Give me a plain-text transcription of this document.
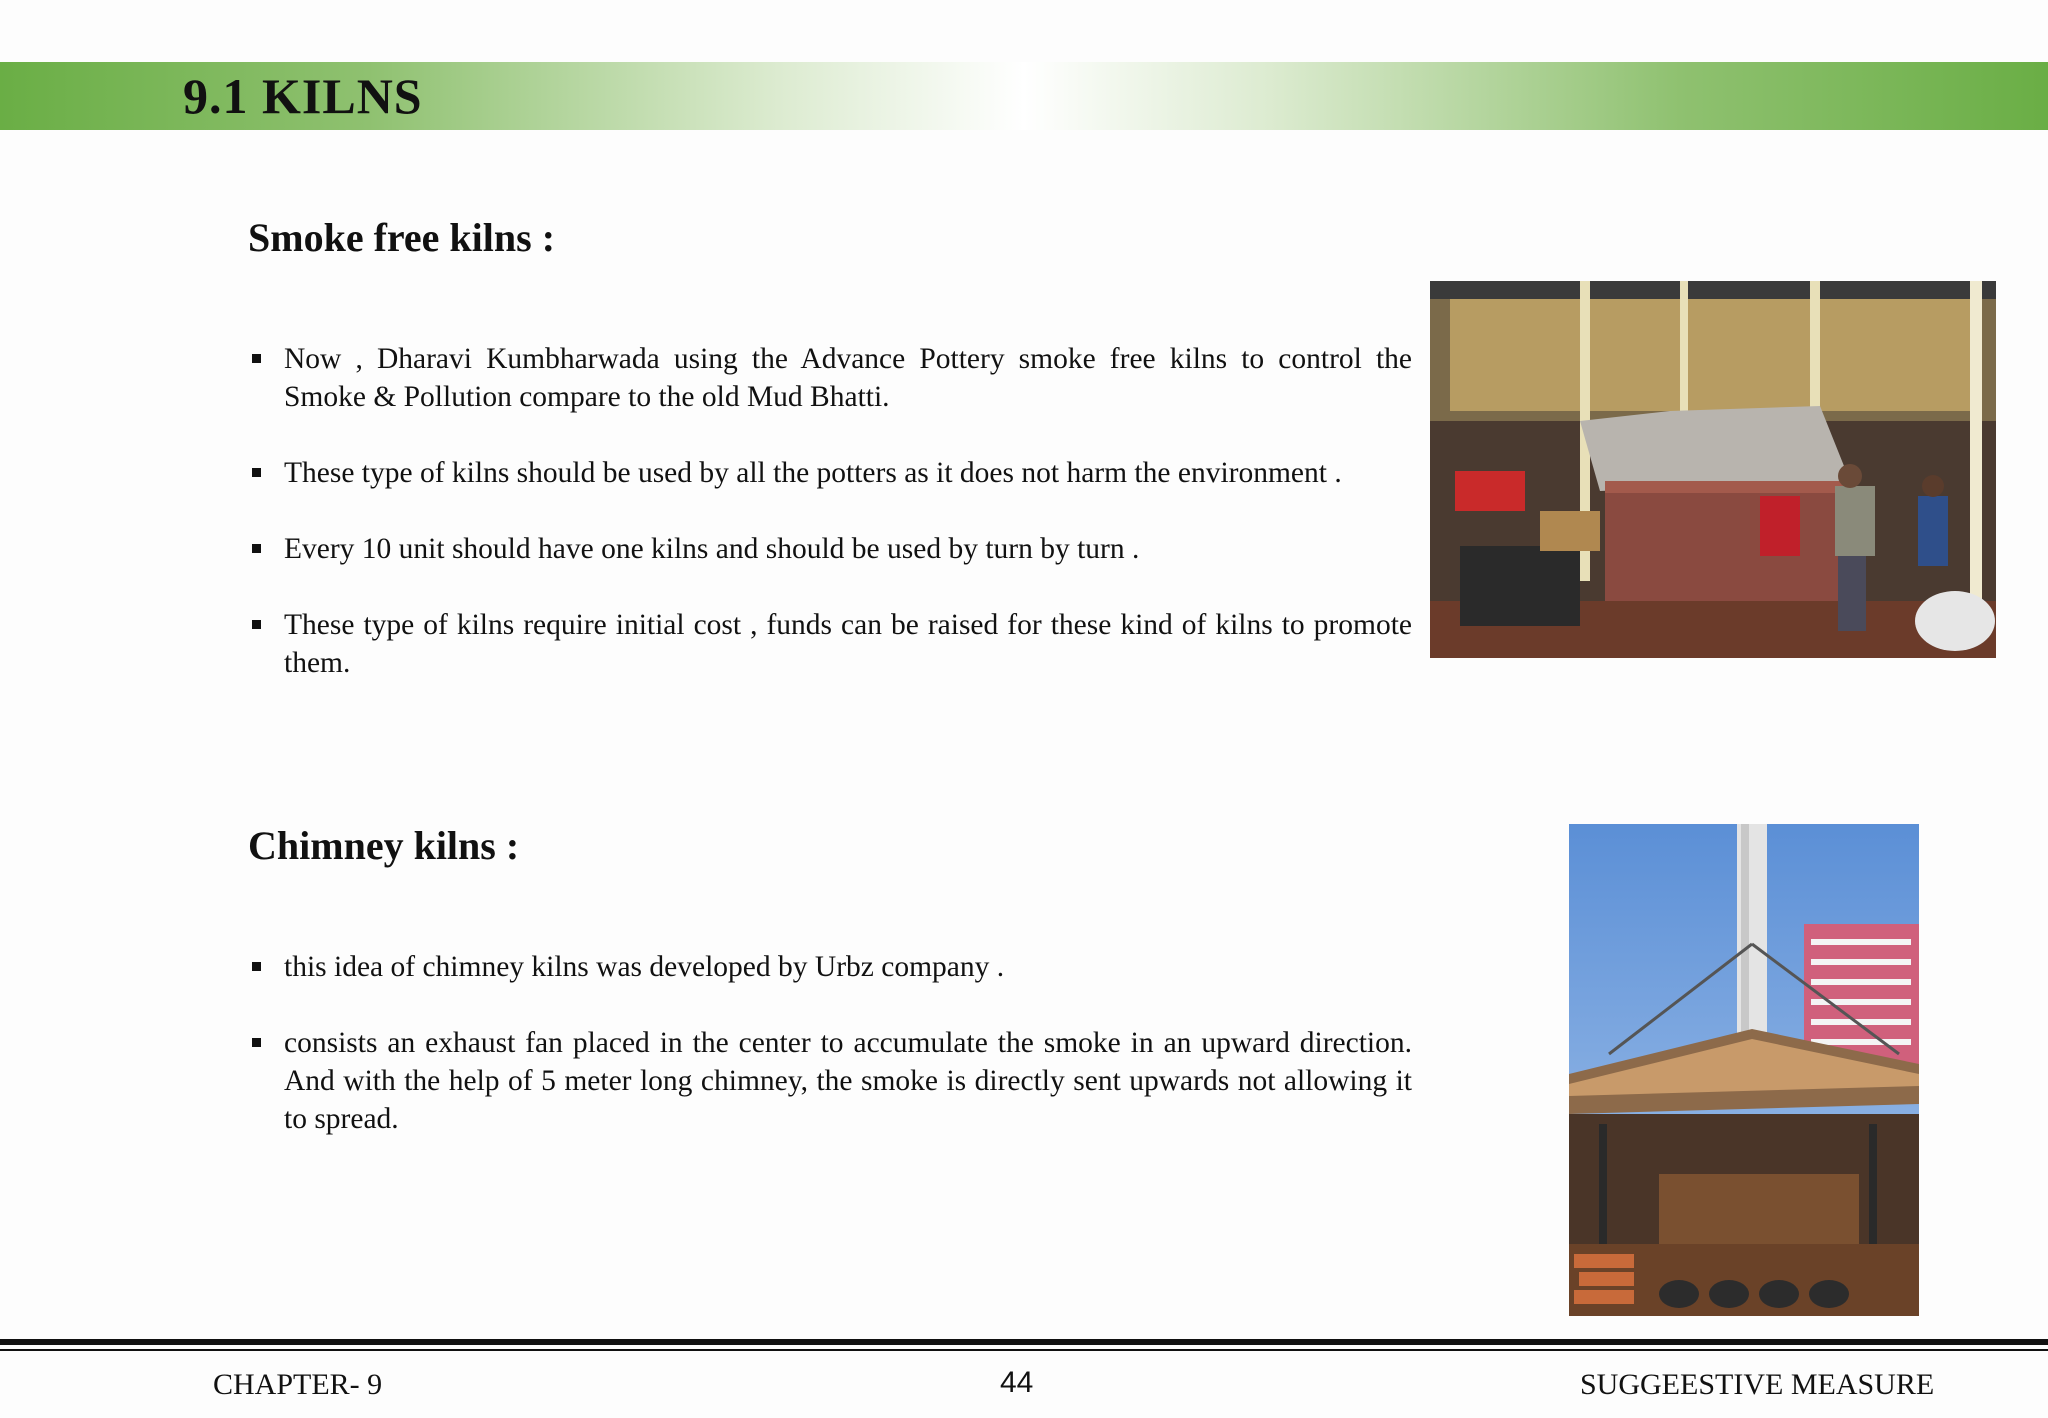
9.1 KILNS
Smoke free kilns :
Now , Dharavi Kumbharwada using the Advance Pottery smoke free kilns to control the Smoke & Pollution compare to the old Mud Bhatti.
These type of kilns should be used by all the potters as it does not harm the environment .
Every 10 unit should have one kilns and should be used by turn by turn .
These type of kilns require initial cost , funds can be raised for these kind of kilns to promote them.
Chimney kilns :
this idea of chimney kilns was developed by Urbz company .
consists an exhaust fan placed in the center to accumulate the smoke in an upward direction. And with the help of 5 meter long chimney, the smoke is directly sent upwards not allowing it to spread.
CHAPTER- 9	44	SUGGEESTIVE MEASURE
